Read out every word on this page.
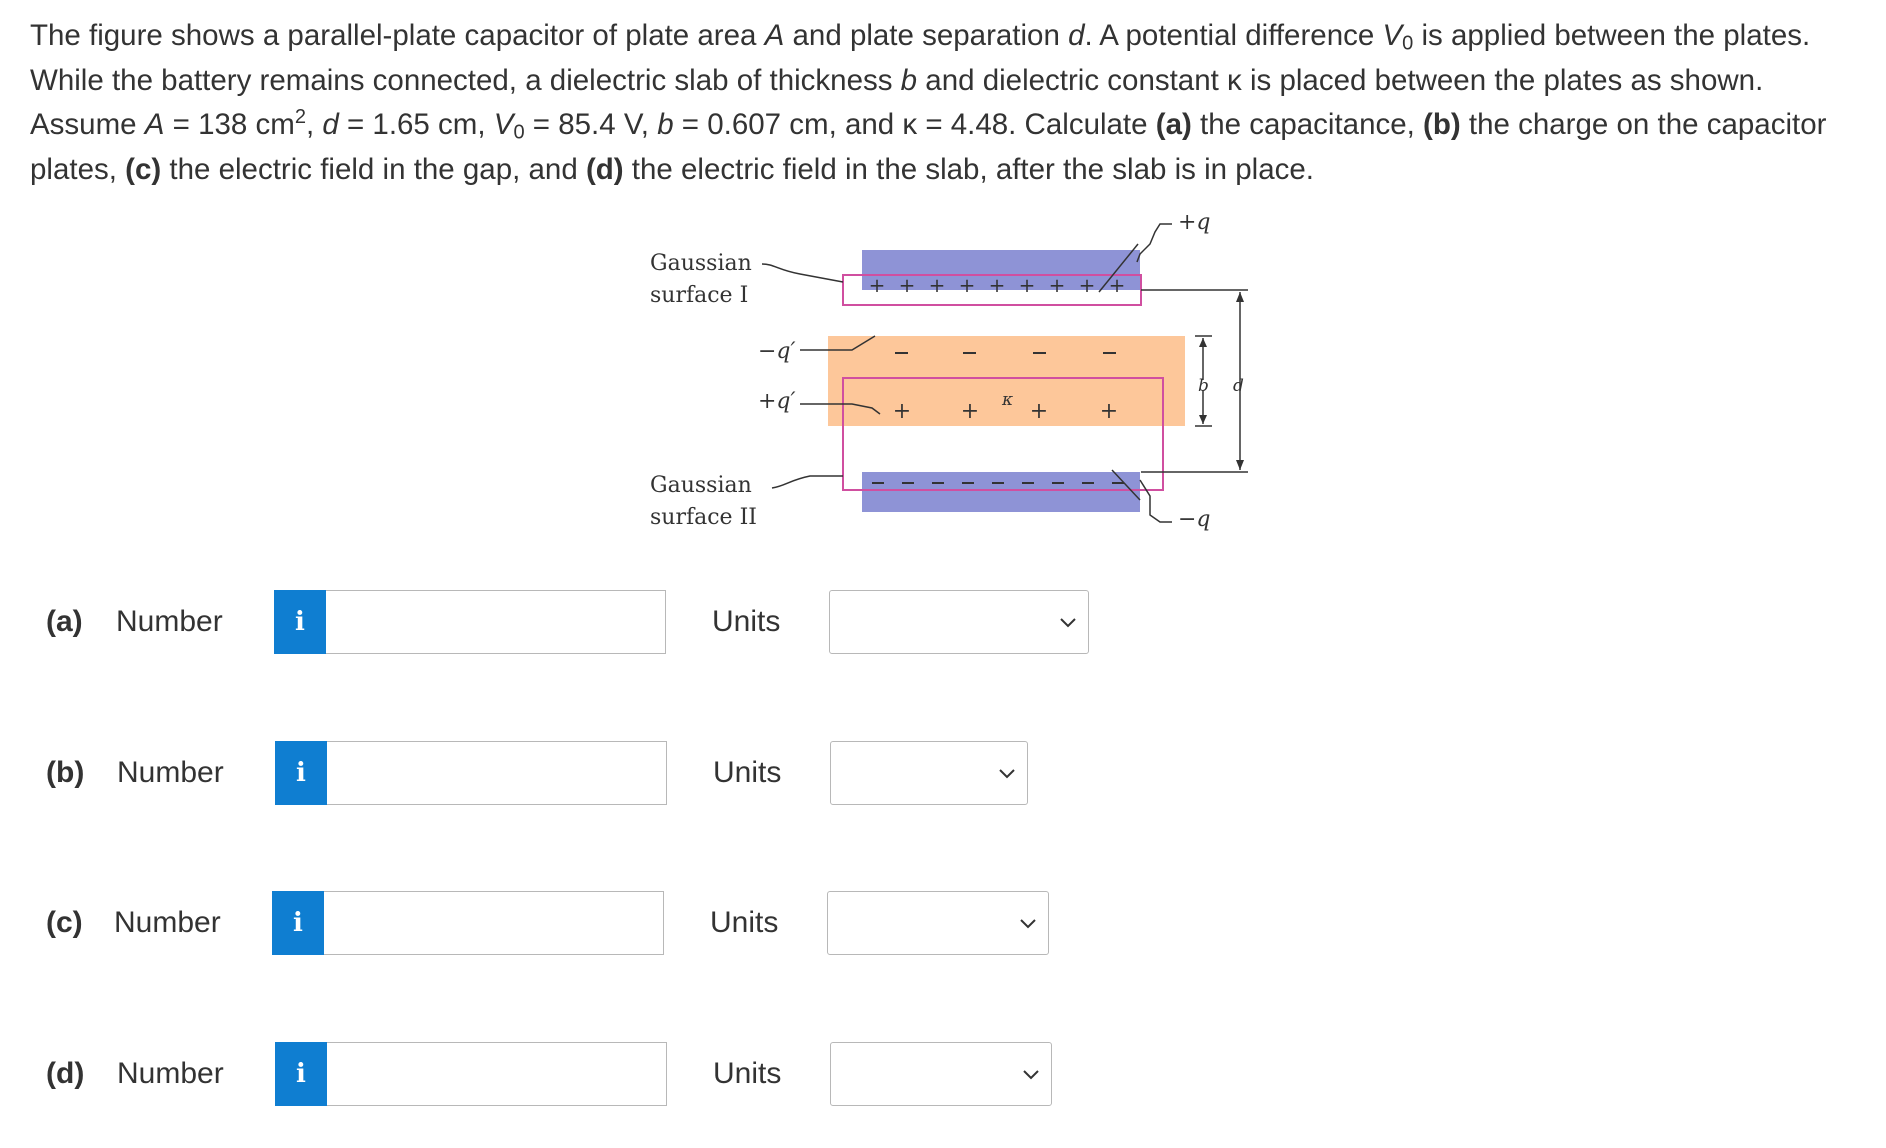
The figure shows a parallel-plate capacitor of plate area A and plate separation d. A potential difference $V_0$ is applied between the plates. While the battery remains connected, a dielectric slab of thickness b and dielectric constant κ is placed between the plates as shown. Assume A = 138 $cm^2$, d = 1.65 cm, $V_0 = 85.4$ V, b = 0.607 cm, and κ = 4.48. Calculate (a) the capacitance, (b) the charge on the capacitor plates, (c) the electric field in the gap, and (d) the electric field in the slab, after the slab is in place.
+ + + + + + + + +
+ + + +
κ
Gaussian
surface I
−q′
+q′
Gaussian
surface II
+q
−q
b d
(a) Number	i	Units
(b) Number	i	Units
(c) Number	i	Units
(d) Number	i	Units
